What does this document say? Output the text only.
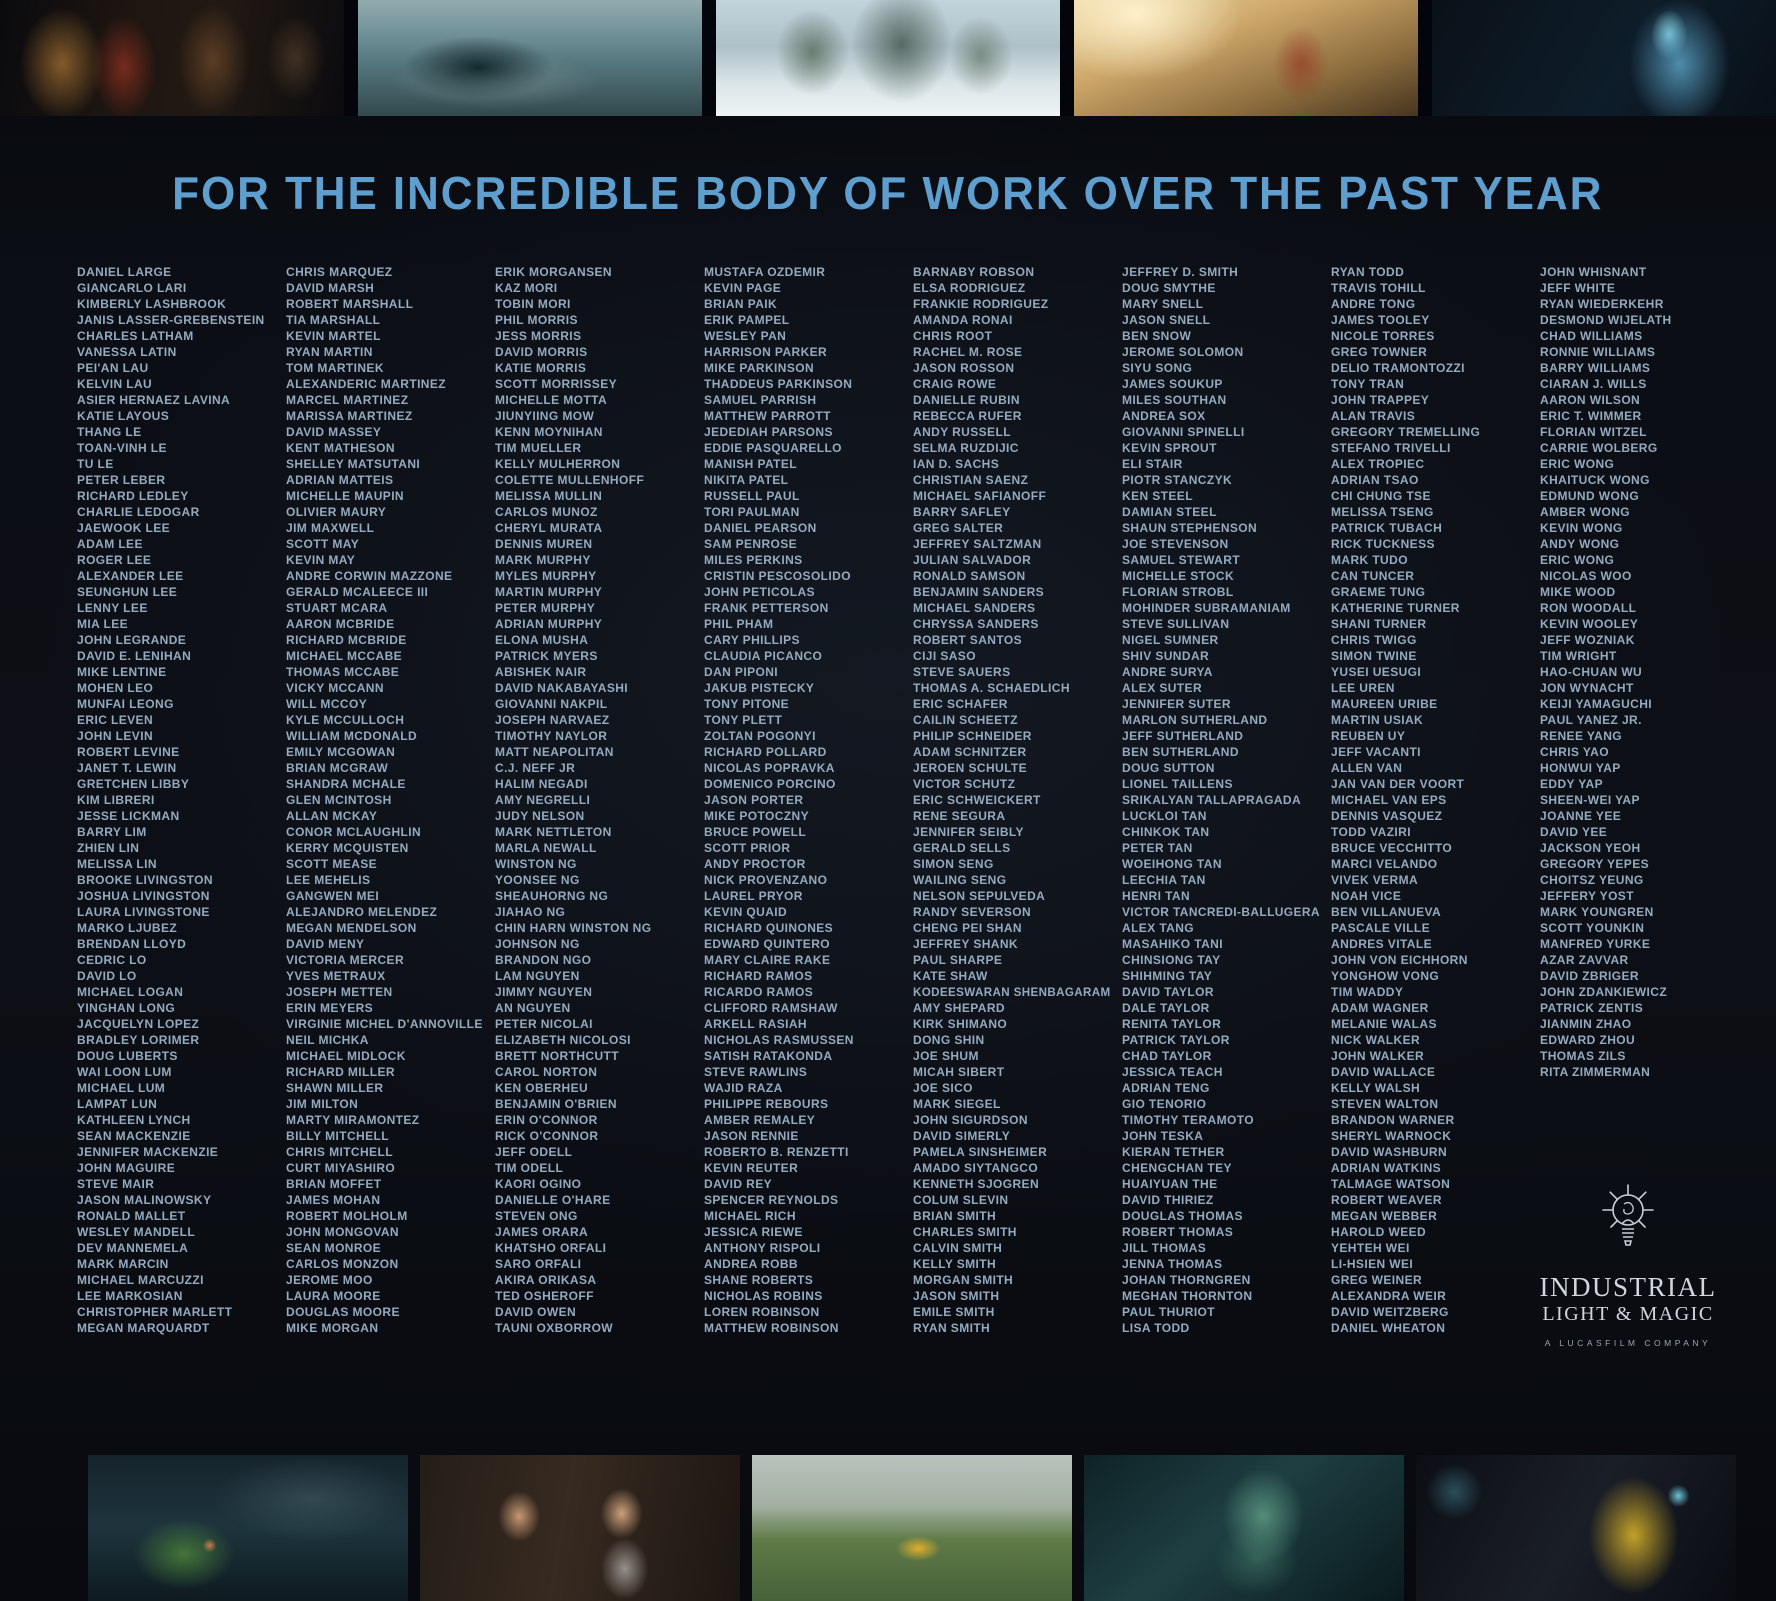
FOR THE INCREDIBLE BODY OF WORK OVER THE PAST YEAR
DANIEL LARGE
GIANCARLO LARI
KIMBERLY LASHBROOK
JANIS LASSER-GREBENSTEIN
CHARLES LATHAM
VANESSA LATIN
PEI'AN LAU
KELVIN LAU
ASIER HERNAEZ LAVINA
KATIE LAYOUS
THANG LE
TOAN-VINH LE
TU LE
PETER LEBER
RICHARD LEDLEY
CHARLIE LEDOGAR
JAEWOOK LEE
ADAM LEE
ROGER LEE
ALEXANDER LEE
SEUNGHUN LEE
LENNY LEE
MIA LEE
JOHN LEGRANDE
DAVID E. LENIHAN
MIKE LENTINE
MOHEN LEO
MUNFAI LEONG
ERIC LEVEN
JOHN LEVIN
ROBERT LEVINE
JANET T. LEWIN
GRETCHEN LIBBY
KIM LIBRERI
JESSE LICKMAN
BARRY LIM
ZHIEN LIN
MELISSA LIN
BROOKE LIVINGSTON
JOSHUA LIVINGSTON
LAURA LIVINGSTONE
MARKO LJUBEZ
BRENDAN LLOYD
CEDRIC LO
DAVID LO
MICHAEL LOGAN
YINGHAN LONG
JACQUELYN LOPEZ
BRADLEY LORIMER
DOUG LUBERTS
WAI LOON LUM
MICHAEL LUM
LAMPAT LUN
KATHLEEN LYNCH
SEAN MACKENZIE
JENNIFER MACKENZIE
JOHN MAGUIRE
STEVE MAIR
JASON MALINOWSKY
RONALD MALLET
WESLEY MANDELL
DEV MANNEMELA
MARK MARCIN
MICHAEL MARCUZZI
LEE MARKOSIAN
CHRISTOPHER MARLETT
MEGAN MARQUARDT
CHRIS MARQUEZ
DAVID MARSH
ROBERT MARSHALL
TIA MARSHALL
KEVIN MARTEL
RYAN MARTIN
TOM MARTINEK
ALEXANDERIC MARTINEZ
MARCEL MARTINEZ
MARISSA MARTINEZ
DAVID MASSEY
KENT MATHESON
SHELLEY MATSUTANI
ADRIAN MATTEIS
MICHELLE MAUPIN
OLIVIER MAURY
JIM MAXWELL
SCOTT MAY
KEVIN MAY
ANDRE CORWIN MAZZONE
GERALD MCALEECE III
STUART MCARA
AARON MCBRIDE
RICHARD MCBRIDE
MICHAEL MCCABE
THOMAS MCCABE
VICKY MCCANN
WILL MCCOY
KYLE MCCULLOCH
WILLIAM MCDONALD
EMILY MCGOWAN
BRIAN MCGRAW
SHANDRA MCHALE
GLEN MCINTOSH
ALLAN MCKAY
CONOR MCLAUGHLIN
KERRY MCQUISTEN
SCOTT MEASE
LEE MEHELIS
GANGWEN MEI
ALEJANDRO MELENDEZ
MEGAN MENDELSON
DAVID MENY
VICTORIA MERCER
YVES METRAUX
JOSEPH METTEN
ERIN MEYERS
VIRGINIE MICHEL D'ANNOVILLE
NEIL MICHKA
MICHAEL MIDLOCK
RICHARD MILLER
SHAWN MILLER
JIM MILTON
MARTY MIRAMONTEZ
BILLY MITCHELL
CHRIS MITCHELL
CURT MIYASHIRO
BRIAN MOFFET
JAMES MOHAN
ROBERT MOLHOLM
JOHN MONGOVAN
SEAN MONROE
CARLOS MONZON
JEROME MOO
LAURA MOORE
DOUGLAS MOORE
MIKE MORGAN
ERIK MORGANSEN
KAZ MORI
TOBIN MORI
PHIL MORRIS
JESS MORRIS
DAVID MORRIS
KATIE MORRIS
SCOTT MORRISSEY
MICHELLE MOTTA
JIUNYIING MOW
KENN MOYNIHAN
TIM MUELLER
KELLY MULHERRON
COLETTE MULLENHOFF
MELISSA MULLIN
CARLOS MUNOZ
CHERYL MURATA
DENNIS MUREN
MARK MURPHY
MYLES MURPHY
MARTIN MURPHY
PETER MURPHY
ADRIAN MURPHY
ELONA MUSHA
PATRICK MYERS
ABISHEK NAIR
DAVID NAKABAYASHI
GIOVANNI NAKPIL
JOSEPH NARVAEZ
TIMOTHY NAYLOR
MATT NEAPOLITAN
C.J. NEFF JR
HALIM NEGADI
AMY NEGRELLI
JUDY NELSON
MARK NETTLETON
MARLA NEWALL
WINSTON NG
YOONSEE NG
SHEAUHORNG NG
JIAHAO NG
CHIN HARN WINSTON NG
JOHNSON NG
BRANDON NGO
LAM NGUYEN
JIMMY NGUYEN
AN NGUYEN
PETER NICOLAI
ELIZABETH NICOLOSI
BRETT NORTHCUTT
CAROL NORTON
KEN OBERHEU
BENJAMIN O'BRIEN
ERIN O'CONNOR
RICK O'CONNOR
JEFF ODELL
TIM ODELL
KAORI OGINO
DANIELLE O'HARE
STEVEN ONG
JAMES ORARA
KHATSHO ORFALI
SARO ORFALI
AKIRA ORIKASA
TED OSHEROFF
DAVID OWEN
TAUNI OXBORROW
MUSTAFA OZDEMIR
KEVIN PAGE
BRIAN PAIK
ERIK PAMPEL
WESLEY PAN
HARRISON PARKER
MIKE PARKINSON
THADDEUS PARKINSON
SAMUEL PARRISH
MATTHEW PARROTT
JEDEDIAH PARSONS
EDDIE PASQUARELLO
MANISH PATEL
NIKITA PATEL
RUSSELL PAUL
TORI PAULMAN
DANIEL PEARSON
SAM PENROSE
MILES PERKINS
CRISTIN PESCOSOLIDO
JOHN PETICOLAS
FRANK PETTERSON
PHIL PHAM
CARY PHILLIPS
CLAUDIA PICANCO
DAN PIPONI
JAKUB PISTECKY
TONY PITONE
TONY PLETT
ZOLTAN POGONYI
RICHARD POLLARD
NICOLAS POPRAVKA
DOMENICO PORCINO
JASON PORTER
MIKE POTOCZNY
BRUCE POWELL
SCOTT PRIOR
ANDY PROCTOR
NICK PROVENZANO
LAUREL PRYOR
KEVIN QUAID
RICHARD QUINONES
EDWARD QUINTERO
MARY CLAIRE RAKE
RICHARD RAMOS
RICARDO RAMOS
CLIFFORD RAMSHAW
ARKELL RASIAH
NICHOLAS RASMUSSEN
SATISH RATAKONDA
STEVE RAWLINS
WAJID RAZA
PHILIPPE REBOURS
AMBER REMALEY
JASON RENNIE
ROBERTO B. RENZETTI
KEVIN REUTER
DAVID REY
SPENCER REYNOLDS
MICHAEL RICH
JESSICA RIEWE
ANTHONY RISPOLI
ANDREA ROBB
SHANE ROBERTS
NICHOLAS ROBINS
LOREN ROBINSON
MATTHEW ROBINSON
BARNABY ROBSON
ELSA RODRIGUEZ
FRANKIE RODRIGUEZ
AMANDA RONAI
CHRIS ROOT
RACHEL M. ROSE
JASON ROSSON
CRAIG ROWE
DANIELLE RUBIN
REBECCA RUFER
ANDY RUSSELL
SELMA RUZDIJIC
IAN D. SACHS
CHRISTIAN SAENZ
MICHAEL SAFIANOFF
BARRY SAFLEY
GREG SALTER
JEFFREY SALTZMAN
JULIAN SALVADOR
RONALD SAMSON
BENJAMIN SANDERS
MICHAEL SANDERS
CHRYSSA SANDERS
ROBERT SANTOS
CIJI SASO
STEVE SAUERS
THOMAS A. SCHAEDLICH
ERIC SCHAFER
CAILIN SCHEETZ
PHILIP SCHNEIDER
ADAM SCHNITZER
JEROEN SCHULTE
VICTOR SCHUTZ
ERIC SCHWEICKERT
RENE SEGURA
JENNIFER SEIBLY
GERALD SELLS
SIMON SENG
WAILING SENG
NELSON SEPULVEDA
RANDY SEVERSON
CHENG PEI SHAN
JEFFREY SHANK
PAUL SHARPE
KATE SHAW
KODEESWARAN SHENBAGARAM
AMY SHEPARD
KIRK SHIMANO
DONG SHIN
JOE SHUM
MICAH SIBERT
JOE SICO
MARK SIEGEL
JOHN SIGURDSON
DAVID SIMERLY
PAMELA SINSHEIMER
AMADO SIYTANGCO
KENNETH SJOGREN
COLUM SLEVIN
BRIAN SMITH
CHARLES SMITH
CALVIN SMITH
KELLY SMITH
MORGAN SMITH
JASON SMITH
EMILE SMITH
RYAN SMITH
JEFFREY D. SMITH
DOUG SMYTHE
MARY SNELL
JASON SNELL
BEN SNOW
JEROME SOLOMON
SIYU SONG
JAMES SOUKUP
MILES SOUTHAN
ANDREA SOX
GIOVANNI SPINELLI
KEVIN SPROUT
ELI STAIR
PIOTR STANCZYK
KEN STEEL
DAMIAN STEEL
SHAUN STEPHENSON
JOE STEVENSON
SAMUEL STEWART
MICHELLE STOCK
FLORIAN STROBL
MOHINDER SUBRAMANIAM
STEVE SULLIVAN
NIGEL SUMNER
SHIV SUNDAR
ANDRE SURYA
ALEX SUTER
JENNIFER SUTER
MARLON SUTHERLAND
JEFF SUTHERLAND
BEN SUTHERLAND
DOUG SUTTON
LIONEL TAILLENS
SRIKALYAN TALLAPRAGADA
LUCKLOI TAN
CHINKOK TAN
PETER TAN
WOEIHONG TAN
LEECHIA TAN
HENRI TAN
VICTOR TANCREDI-BALLUGERA
ALEX TANG
MASAHIKO TANI
CHINSIONG TAY
SHIHMING TAY
DAVID TAYLOR
DALE TAYLOR
RENITA TAYLOR
PATRICK TAYLOR
CHAD TAYLOR
JESSICA TEACH
ADRIAN TENG
GIO TENORIO
TIMOTHY TERAMOTO
JOHN TESKA
KIERAN TETHER
CHENGCHAN TEY
HUAIYUAN THE
DAVID THIRIEZ
DOUGLAS THOMAS
ROBERT THOMAS
JILL THOMAS
JENNA THOMAS
JOHAN THORNGREN
MEGHAN THORNTON
PAUL THURIOT
LISA TODD
RYAN TODD
TRAVIS TOHILL
ANDRE TONG
JAMES TOOLEY
NICOLE TORRES
GREG TOWNER
DELIO TRAMONTOZZI
TONY TRAN
JOHN TRAPPEY
ALAN TRAVIS
GREGORY TREMELLING
STEFANO TRIVELLI
ALEX TROPIEC
ADRIAN TSAO
CHI CHUNG TSE
MELISSA TSENG
PATRICK TUBACH
RICK TUCKNESS
MARK TUDO
CAN TUNCER
GRAEME TUNG
KATHERINE TURNER
SHANI TURNER
CHRIS TWIGG
SIMON TWINE
YUSEI UESUGI
LEE UREN
MAUREEN URIBE
MARTIN USIAK
REUBEN UY
JEFF VACANTI
ALLEN VAN
JAN VAN DER VOORT
MICHAEL VAN EPS
DENNIS VASQUEZ
TODD VAZIRI
BRUCE VECCHITTO
MARCI VELANDO
VIVEK VERMA
NOAH VICE
BEN VILLANUEVA
PASCALE VILLE
ANDRES VITALE
JOHN VON EICHHORN
YONGHOW VONG
TIM WADDY
ADAM WAGNER
MELANIE WALAS
NICK WALKER
JOHN WALKER
DAVID WALLACE
KELLY WALSH
STEVEN WALTON
BRANDON WARNER
SHERYL WARNOCK
DAVID WASHBURN
ADRIAN WATKINS
TALMAGE WATSON
ROBERT WEAVER
MEGAN WEBBER
HAROLD WEED
YEHTEH WEI
LI-HSIEN WEI
GREG WEINER
ALEXANDRA WEIR
DAVID WEITZBERG
DANIEL WHEATON
JOHN WHISNANT
JEFF WHITE
RYAN WIEDERKEHR
DESMOND WIJELATH
CHAD WILLIAMS
RONNIE WILLIAMS
BARRY WILLIAMS
CIARAN J. WILLS
AARON WILSON
ERIC T. WIMMER
FLORIAN WITZEL
CARRIE WOLBERG
ERIC WONG
KHAITUCK WONG
EDMUND WONG
AMBER WONG
KEVIN WONG
ANDY WONG
ERIC WONG
NICOLAS WOO
MIKE WOOD
RON WOODALL
KEVIN WOOLEY
JEFF WOZNIAK
TIM WRIGHT
HAO-CHUAN WU
JON WYNACHT
KEIJI YAMAGUCHI
PAUL YANEZ JR.
RENEE YANG
CHRIS YAO
HONWUI YAP
EDDY YAP
SHEEN-WEI YAP
JOANNE YEE
DAVID YEE
JACKSON YEOH
GREGORY YEPES
CHOITSZ YEUNG
JEFFERY YOST
MARK YOUNGREN
SCOTT YOUNKIN
MANFRED YURKE
AZAR ZAVVAR
DAVID ZBRIGER
JOHN ZDANKIEWICZ
PATRICK ZENTIS
JIANMIN ZHAO
EDWARD ZHOU
THOMAS ZILS
RITA ZIMMERMAN
INDUSTRIAL
LIGHT & MAGIC
A LUCASFILM COMPANY
